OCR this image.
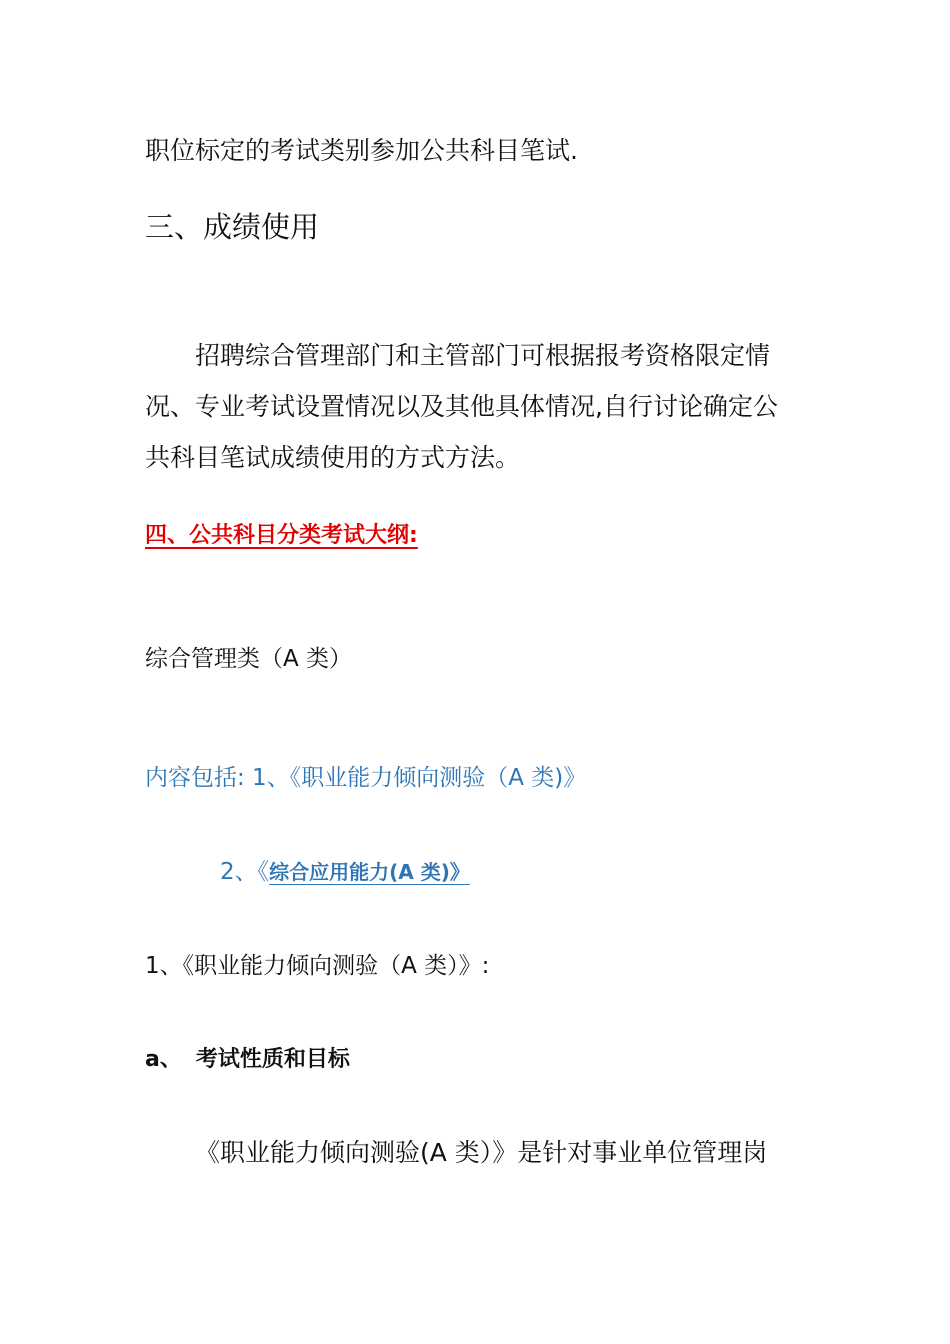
职位标定的考试类别参加公共科目笔试.
三、成绩使用
招聘综合管理部门和主管部门可根据报考资格限定情
况、专业考试设置情况以及其他具体情况,自行讨论确定公
共科目笔试成绩使用的方式方法。
四、公共科目分类考试大纲:
综合管理类（A 类）
内容包括: 1、《职业能力倾向测验（A 类)》
2、《综合应用能力(A 类)》
1、《职业能力倾向测验（A 类）》:
a、 考试性质和目标
《职业能力倾向测验(A 类）》是针对事业单位管理岗
